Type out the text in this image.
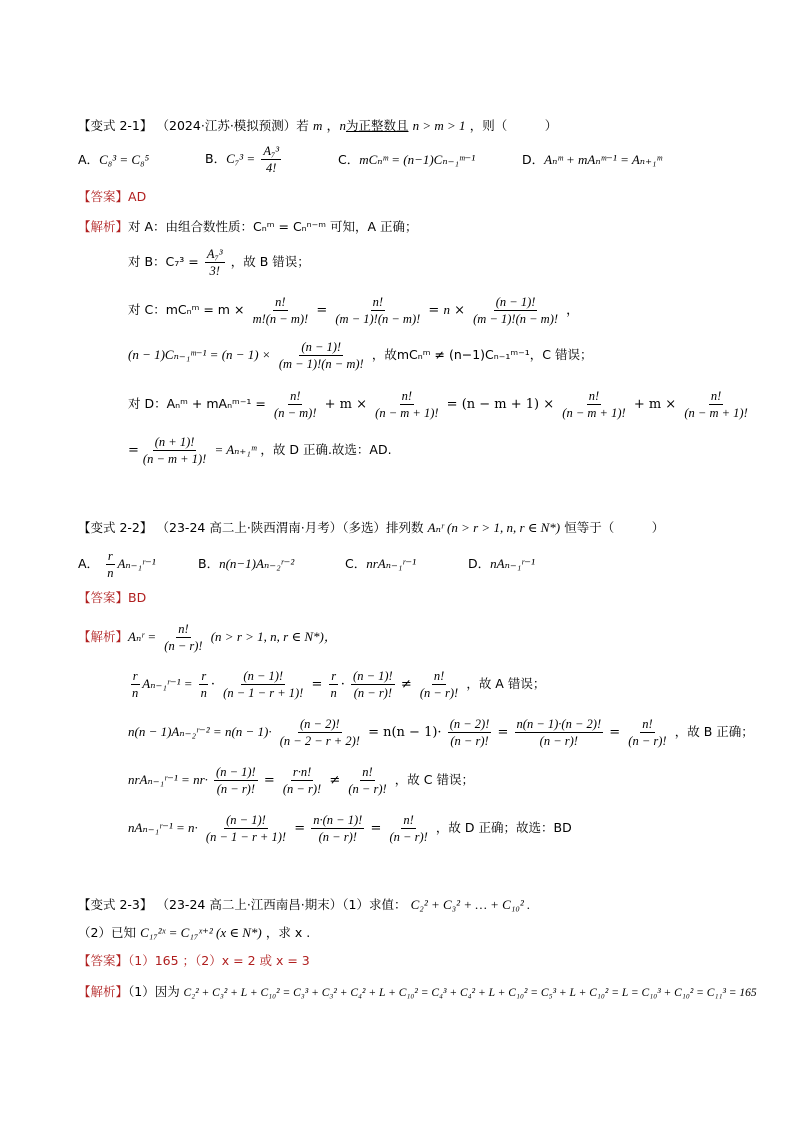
【变式 2-1】 （2024·江苏·模拟预测）若 m ，n为正整数且 n > m > 1 ，则（　　　）
A．C₈³ = C₈⁵	B．$C_7^3 = \frac{\text{A₇³}}{4!}$	C．mCₙᵐ = (n−1)Cₙ₋₁ᵐ⁻¹	D．Aₙᵐ + mAₙᵐ⁻¹ = Aₙ₊₁ᵐ
【答案】AD
【解析】对 A：由组合数性质：Cₙᵐ = Cₙⁿ⁻ᵐ 可知，A 正确；
对 B：$C_7^3 = \frac{\text{A₇³}}{3!}$ ，故 B 错误；
对 C：mCₙᵐ = $m \times \frac{n!}{m!(n - m)!} = \frac{n!}{(m - 1)!(n - m)!} = n \times \frac{(n - 1)!}{(m - 1)!(n - m)!}$ ，
(n − 1)Cₙ₋₁ᵐ⁻¹ = $(n - 1) \times \frac{(n - 1)!}{(m - 1)!(n - m)!}$ ，故mCₙᵐ ≠ (n−1)Cₙ₋₁ᵐ⁻¹，C 错误；
对 D：Aₙᵐ + mAₙᵐ⁻¹ = $\frac{n!}{(n - m)!} + m \times \frac{n!}{(n - m + 1)!} = (n - m + 1) \times \frac{n!}{(n - m + 1)!} + m \times \frac{n!}{(n - m + 1)!}$
= $\frac{(n + 1)!}{(n - m + 1)!}$ = Aₙ₊₁ᵐ ，故 D 正确.故选：AD.
【变式 2-2】 （23-24 高二上·陕西渭南·月考）（多选）排列数 Aₙʳ (n > r > 1, n, r ∈ N*) 恒等于（　　　）
A． $\frac{r}{n}$ Aₙ₋₁ʳ⁻¹	B．n(n−1)Aₙ₋₂ʳ⁻²	C．nrAₙ₋₁ʳ⁻¹	D．nAₙ₋₁ʳ⁻¹
【答案】BD
【解析】Aₙʳ = $\frac{n!}{(n - r)!} (n > r > 1$, n, r ∈ N*)，
$\frac{r}{n}$ Aₙ₋₁ʳ⁻¹ = $\frac{r}{n} \cdot \frac{(n - 1)!}{(n - 1 - r + 1)!} = \frac{r}{n} \cdot \frac{(n - 1)!}{(n - r)!} \ne \frac{n!}{(n - r)!}$ ，故 A 错误；
n(n − 1)Aₙ₋₂ʳ⁻² = $n(n - 1)\cdot \frac{(n - 2)!}{(n - 2 - r + 2)!} = n(n - 1)\cdot \frac{(n - 2)!}{(n - r)!} = \frac{n(n - 1)\cdot(n - 2)!}{(n - r)!} = \frac{n!}{(n - r)!}$ ，故 B 正确；
nrAₙ₋₁ʳ⁻¹ = $nr\cdot \frac{(n - 1)!}{(n - r)!} = \frac{r\cdot n!}{(n - r)!} \ne \frac{n!}{(n - r)!}$ ，故 C 错误；
nAₙ₋₁ʳ⁻¹ = $n\cdot \frac{(n - 1)!}{(n - 1 - r + 1)!} = \frac{n\cdot(n - 1)!}{(n - r)!} = \frac{n!}{(n - r)!}$ ，故 D 正确；故选：BD
【变式 2-3】 （23-24 高二上·江西南昌·期末）（1）求值： C₂² + C₃² + … + C₁₀² .
（2）已知 C₁₇²ˣ = C₁₇ˣ⁺² (x ∈ N*) ，求 x .
【答案】（1）165 ；（2）x = 2 或 x = 3
【解析】（1）因为 C₂² + C₃² + L + C₁₀² = C₃³ + C₃² + C₄² + L + C₁₀² = C₄³ + C₄² + L + C₁₀² = C₅³ + L + C₁₀² = L = C₁₀³ + C₁₀² = C₁₁³ = 165
